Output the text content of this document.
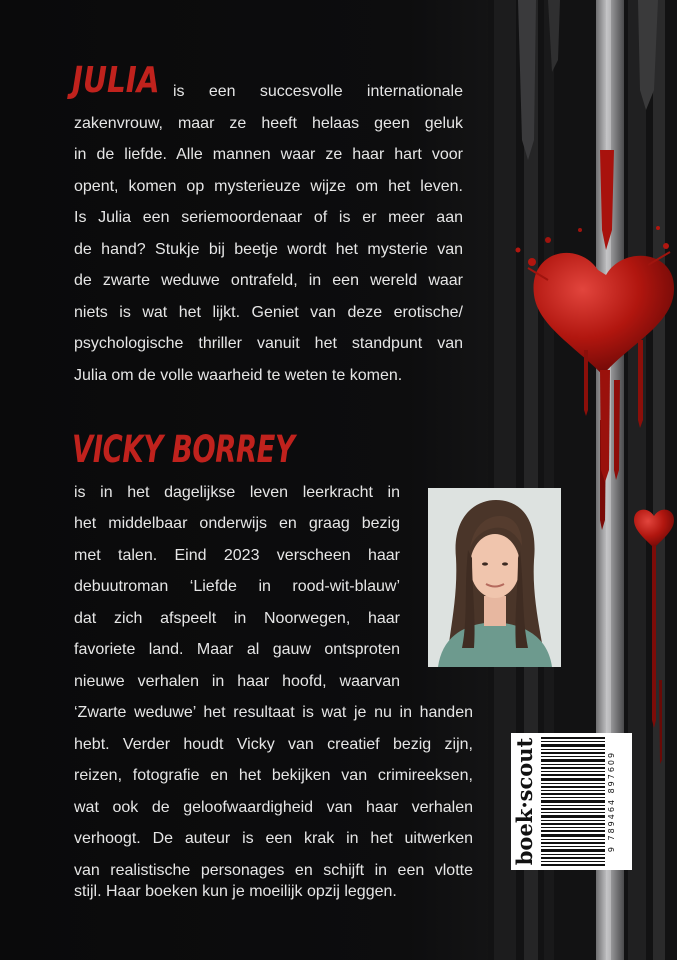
JULIA is een succesvolle internationale
zakenvrouw, maar ze heeft helaas geen geluk
in de liefde. Alle mannen waar ze haar hart voor
opent, komen op mysterieuze wijze om het leven.
Is Julia een seriemoordenaar of is er meer aan
de hand? Stukje bij beetje wordt het mysterie van
de zwarte weduwe ontrafeld, in een wereld waar
niets is wat het lijkt. Geniet van deze erotische/
psychologische thriller vanuit het standpunt van
Julia om de volle waarheid te weten te komen.
VICKY BORREY
is in het dagelijkse leven leerkracht in
het middelbaar onderwijs en graag bezig
met talen. Eind 2023 verscheen haar
debuutroman ‘Liefde in rood-wit-blauw’
dat zich afspeelt in Noorwegen, haar
favoriete land. Maar al gauw ontsproten
nieuwe verhalen in haar hoofd, waarvan
‘Zwarte weduwe’ het resultaat is wat je nu in handen
hebt. Verder houdt Vicky van creatief bezig zijn,
reizen, fotografie en het bekijken van crimireeksen,
wat ook de geloofwaardigheid van haar verhalen
verhoogt. De auteur is een krak in het uitwerken
van realistische personages en schijft in een vlotte
stijl. Haar boeken kun je moeilijk opzij leggen.
boek·scout	9 789464 897609
